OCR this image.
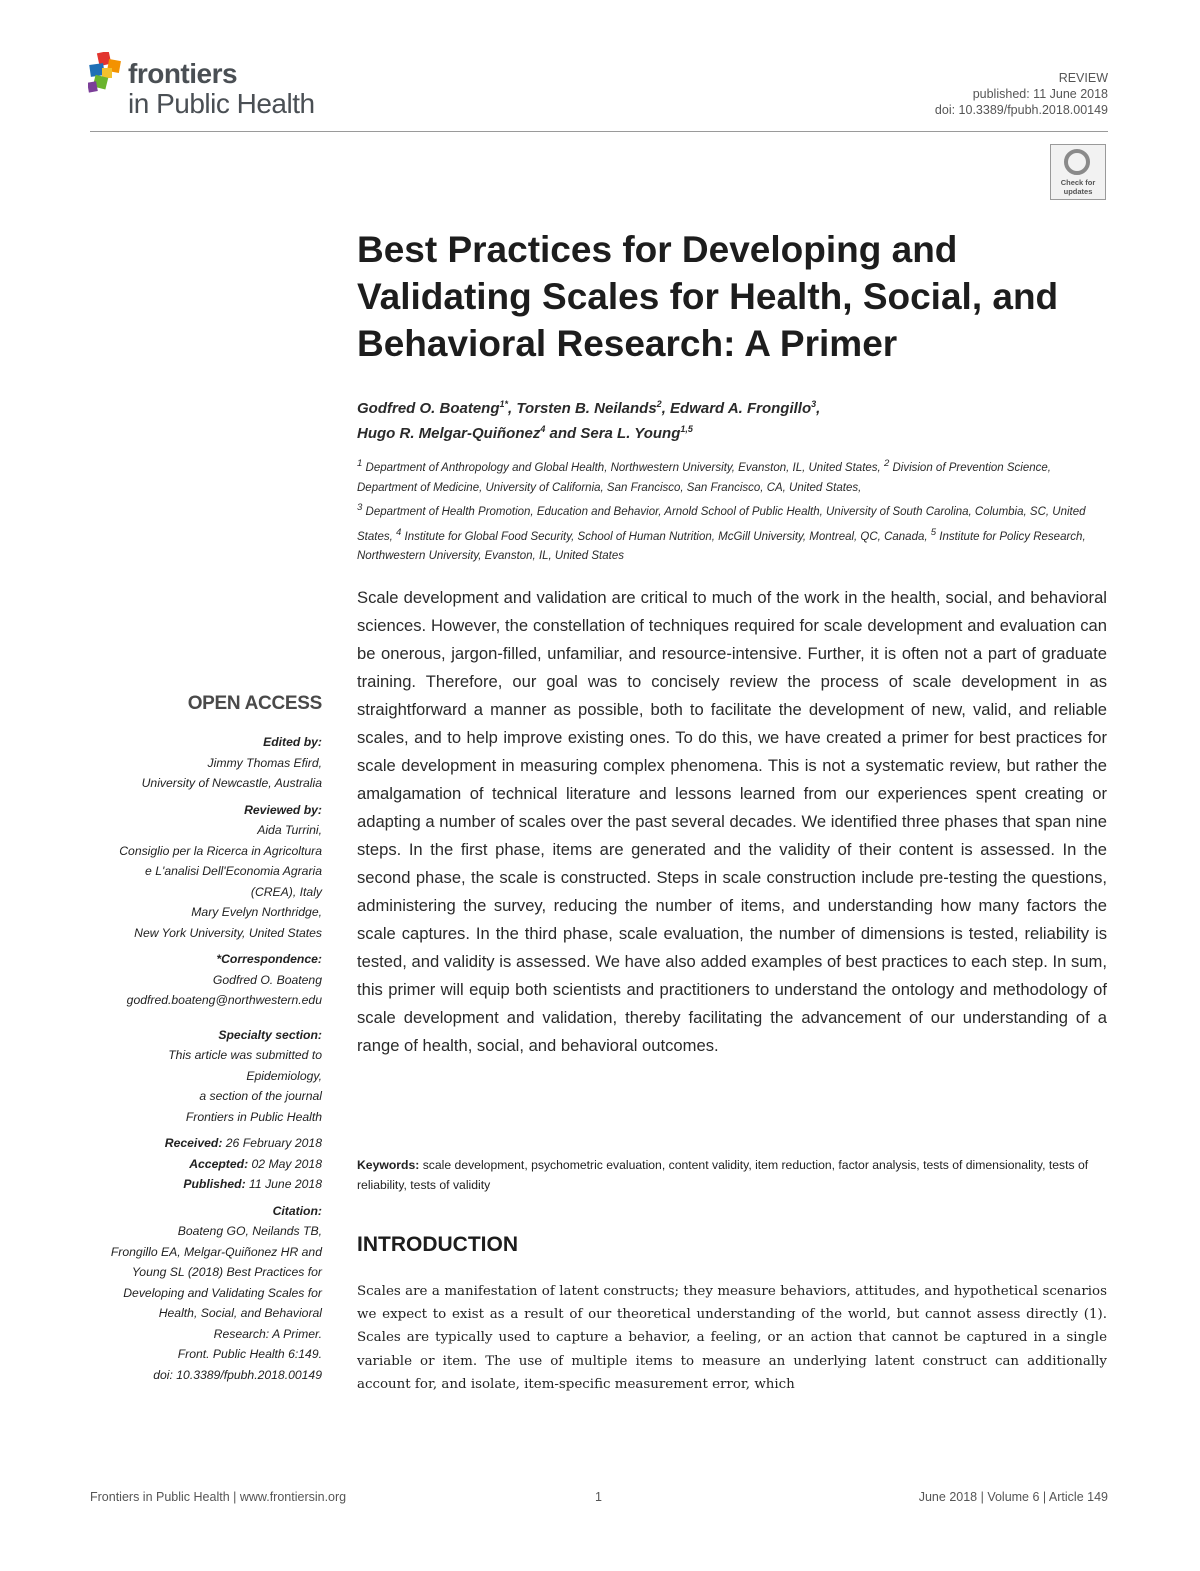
frontiers
in Public Health
REVIEW
published: 11 June 2018
doi: 10.3389/fpubh.2018.00149
Check for
updates
Best Practices for Developing and Validating Scales for Health, Social, and Behavioral Research: A Primer
Godfred O. Boateng$^{1*}$, Torsten B. Neilands$^2$, Edward A. Frongillo$^3$,
Hugo R. Melgar-Quiñonez$^4$ and Sera L. Young$^{1,5}$
$^1$ Department of Anthropology and Global Health, Northwestern University, Evanston, IL, United States, $^2$ Division of Prevention Science, Department of Medicine, University of California, San Francisco, San Francisco, CA, United States,
$^3$ Department of Health Promotion, Education and Behavior, Arnold School of Public Health, University of South Carolina, Columbia, SC, United States, $^4$ Institute for Global Food Security, School of Human Nutrition, McGill University, Montreal, QC, Canada, $^5$ Institute for Policy Research, Northwestern University, Evanston, IL, United States

Scale development and validation are critical to much of the work in the health, social, and behavioral sciences. However, the constellation of techniques required for scale development and evaluation can be onerous, jargon-filled, unfamiliar, and resource-intensive. Further, it is often not a part of graduate training. Therefore, our goal was to concisely review the process of scale development in as straightforward a manner as possible, both to facilitate the development of new, valid, and reliable scales, and to help improve existing ones. To do this, we have created a primer for best practices for scale development in measuring complex phenomena. This is not a systematic review, but rather the amalgamation of technical literature and lessons learned from our experiences spent creating or adapting a number of scales over the past several decades. We identified three phases that span nine steps. In the first phase, items are generated and the validity of their content is assessed. In the second phase, the scale is constructed. Steps in scale construction include pre-testing the questions, administering the survey, reducing the number of items, and understanding how many factors the scale captures. In the third phase, scale evaluation, the number of dimensions is tested, reliability is tested, and validity is assessed. We have also added examples of best practices to each step. In sum, this primer will equip both scientists and practitioners to understand the ontology and methodology of scale development and validation, thereby facilitating the advancement of our understanding of a range of health, social, and behavioral outcomes.

Keywords: scale development, psychometric evaluation, content validity, item reduction, factor analysis, tests of dimensionality, tests of reliability, tests of validity
INTRODUCTION

Scales are a manifestation of latent constructs; they measure behaviors, attitudes, and hypothetical scenarios we expect to exist as a result of our theoretical understanding of the world, but cannot assess directly (1). Scales are typically used to capture a behavior, a feeling, or an action that cannot be captured in a single variable or item. The use of multiple items to measure an underlying latent construct can additionally account for, and isolate, item-specific measurement error, which

OPEN ACCESS
Edited by:
Jimmy Thomas Efird,
University of Newcastle, Australia
Reviewed by:
Aida Turrini,
Consiglio per la Ricerca in Agricoltura
e L'analisi Dell'Economia Agraria
(CREA), Italy
Mary Evelyn Northridge,
New York University, United States
*Correspondence:
Godfred O. Boateng
godfred.boateng@northwestern.edu
Specialty section:
This article was submitted to
Epidemiology,
a section of the journal
Frontiers in Public Health
Received: 26 February 2018
Accepted: 02 May 2018
Published: 11 June 2018
Citation:
Boateng GO, Neilands TB,
Frongillo EA, Melgar-Quiñonez HR and
Young SL (2018) Best Practices for
Developing and Validating Scales for
Health, Social, and Behavioral
Research: A Primer.
Front. Public Health 6:149.
doi: 10.3389/fpubh.2018.00149
Frontiers in Public Health | www.frontiersin.org	1	June 2018 | Volume 6 | Article 149
